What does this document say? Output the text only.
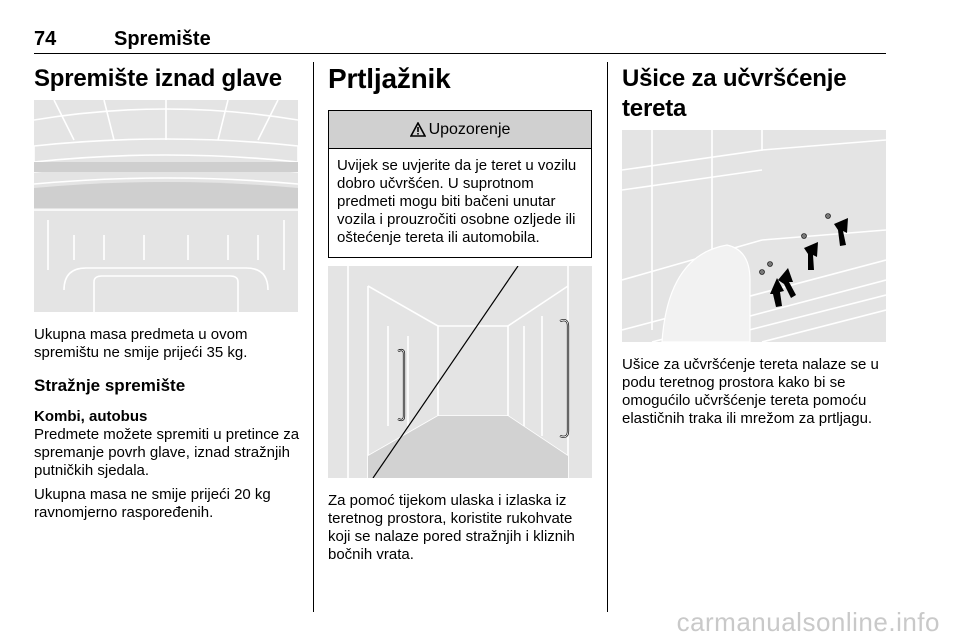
74	Spremište
Spremište iznad glave

Ukupna masa predmeta u ovom spremištu ne smije prijeći 35 kg.

Stražnje spremište
Kombi, autobus

Predmete možete spremiti u pretince za spremanje povrh glave, iznad stražnjih putničkih sjedala.

Ukupna masa ne smije prijeći 20 kg ravnomjerno raspoređenih.

Prtljažnik
Upozorenje
Uvijek se uvjerite da je teret u vozilu dobro učvršćen. U suprotnom predmeti mogu biti bačeni unutar vozila i prouzročiti osobne ozljede ili oštećenje tereta ili automobila.

Za pomoć tijekom ulaska i izlaska iz teretnog prostora, koristite rukohvate koji se nalaze pored stražnjih i kliznih bočnih vrata.

Ušice za učvršćenje tereta

Ušice za učvršćenje tereta nalaze se u podu teretnog prostora kako bi se omogućilo učvršćenje tereta pomoću elastičnih traka ili mrežom za prtljagu.

carmanualsonline.info
